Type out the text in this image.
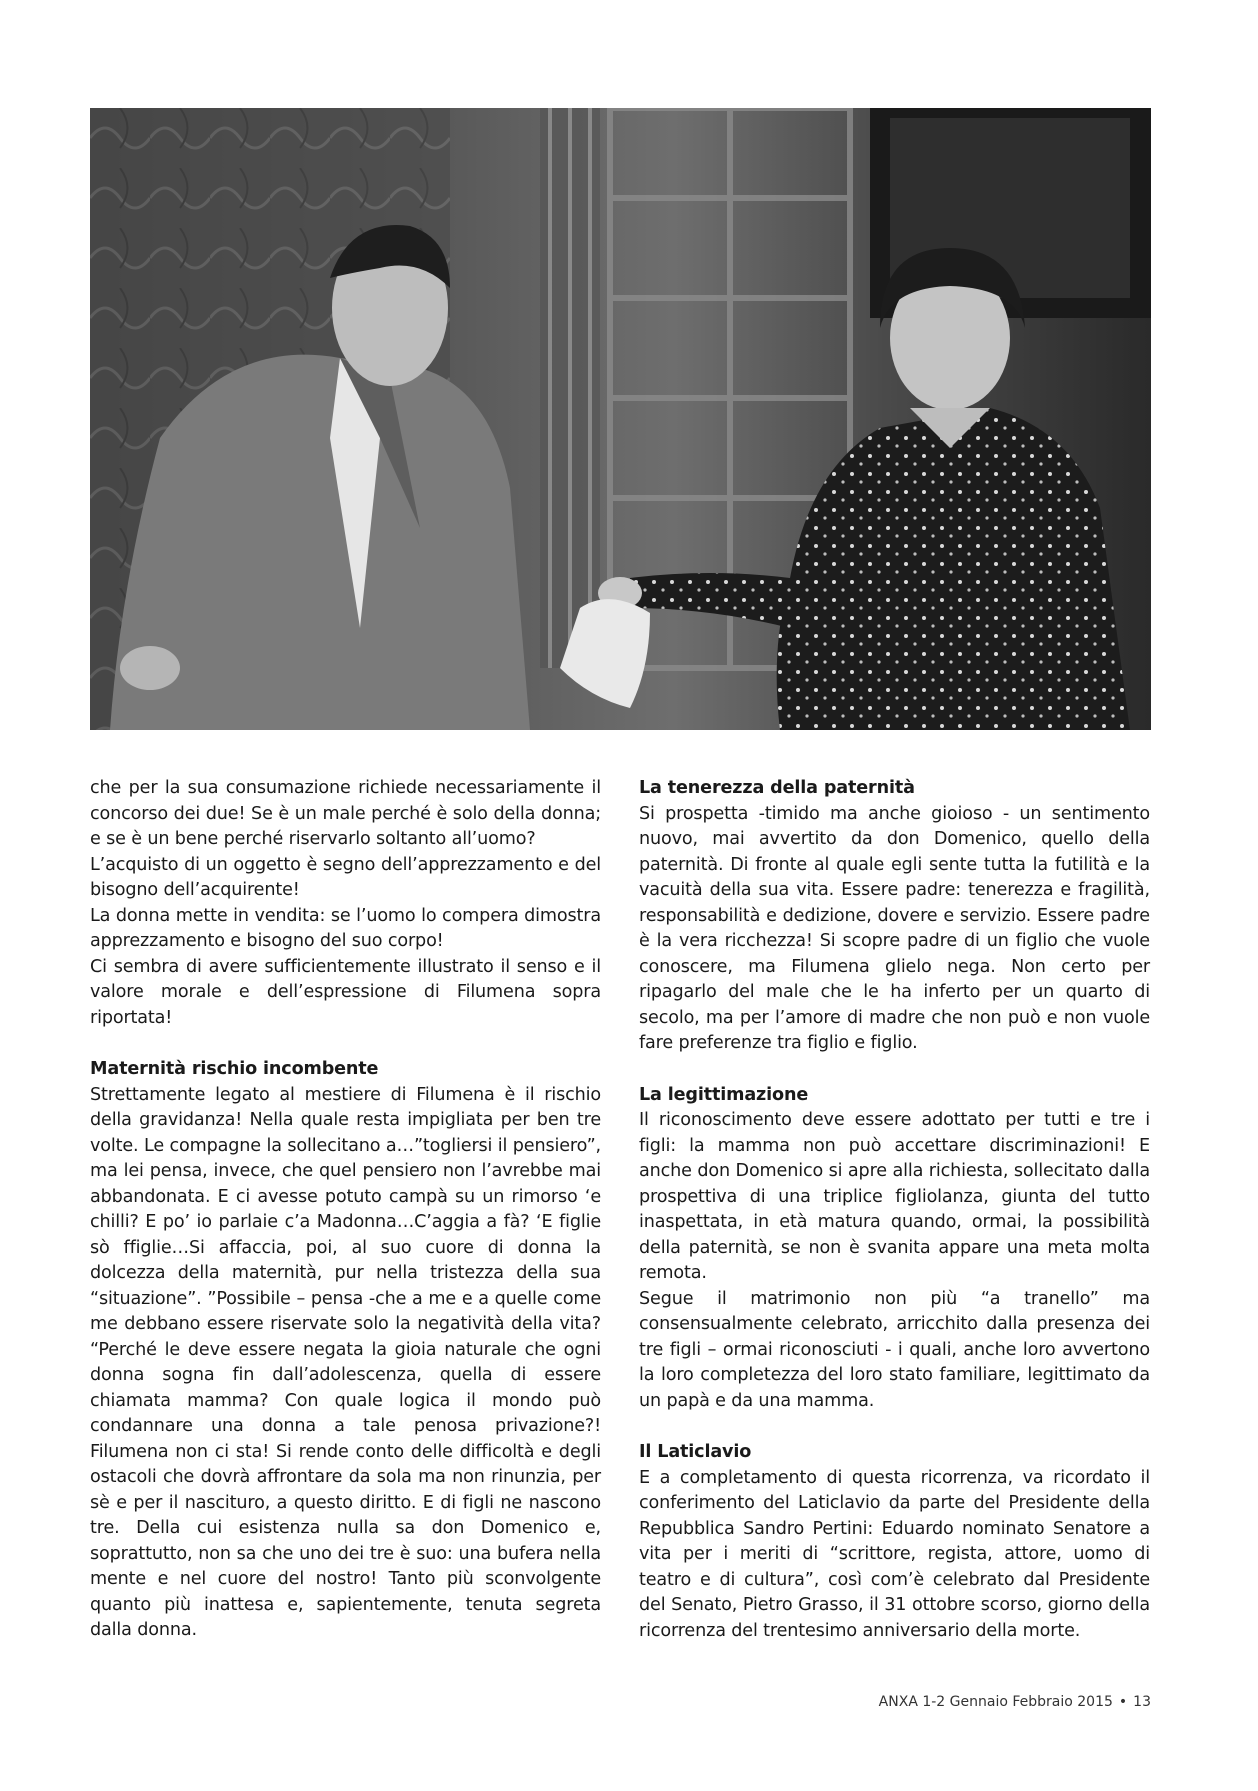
che per la sua consumazione richiede necessariamente il concorso dei due! Se è un male perché è solo della donna; e se è un bene perché riservarlo soltanto all’uomo?

L’acquisto di un oggetto è segno dell’apprezzamento e del bisogno dell’acquirente!

La donna mette in vendita: se l’uomo lo compera dimostra apprezzamento e bisogno del suo corpo!

Ci sembra di avere sufficientemente illustrato il senso e il valore morale e dell’espressione di Filumena sopra riportata!

Maternità rischio incombente

Strettamente legato al mestiere di Filumena è il rischio della gravidanza! Nella quale resta impigliata per ben tre volte. Le compagne la sollecitano a…”togliersi il pensiero”, ma lei pensa, invece, che quel pensiero non l’avrebbe mai abbandonata. E ci avesse potuto campà su un rimorso ‘e chilli? E po’ io parlaie c’a Madonna…C’aggia a fà? ‘E figlie sò ffiglie…Si affaccia, poi, al suo cuore di donna la dolcezza della maternità, pur nella tristezza della sua “situazione”. ”Possibile – pensa -che a me e a quelle come me debbano essere riservate solo la negatività della vita? “Perché le deve essere negata la gioia naturale che ogni donna sogna fin dall’adolescenza, quella di essere chiamata mamma? Con quale logica il mondo può condannare una donna a tale penosa privazione?! Filumena non ci sta! Si rende conto delle difficoltà e degli ostacoli che dovrà affrontare da sola ma non rinunzia, per sè e per il nascituro, a questo diritto. E di figli ne nascono tre. Della cui esistenza nulla sa don Domenico e, soprattutto, non sa che uno dei tre è suo: una bufera nella mente e nel cuore del nostro! Tanto più sconvolgente quanto più inattesa e, sapientemente, tenuta segreta dalla donna.

La tenerezza della paternità

Si prospetta -timido ma anche gioioso - un sentimento nuovo, mai avvertito da don Domenico, quello della paternità. Di fronte al quale egli sente tutta la futilità e la vacuità della sua vita. Essere padre: tenerezza e fragilità, responsabilità e dedizione, dovere e servizio. Essere padre è la vera ricchezza! Si scopre padre di un figlio che vuole conoscere, ma Filumena glielo nega. Non certo per ripagarlo del male che le ha inferto per un quarto di secolo, ma per l’amore di madre che non può e non vuole fare preferenze tra figlio e figlio.

La legittimazione

Il riconoscimento deve essere adottato per tutti e tre i figli: la mamma non può accettare discriminazioni! E anche don Domenico si apre alla richiesta, sollecitato dalla prospettiva di una triplice figliolanza, giunta del tutto inaspettata, in età matura quando, ormai, la possibilità della paternità, se non è svanita appare una meta molta remota.

Segue il matrimonio non più “a tranello” ma consensualmente celebrato, arricchito dalla presenza dei tre figli – ormai riconosciuti - i quali, anche loro avvertono la loro completezza del loro stato familiare, legittimato da un papà e da una mamma.

Il Laticlavio

E a completamento di questa ricorrenza, va ricordato il conferimento del Laticlavio da parte del Presidente della Repubblica Sandro Pertini: Eduardo nominato Senatore a vita per i meriti di “scrittore, regista, attore, uomo di teatro e di cultura”, così com’è celebrato dal Presidente del Senato, Pietro Grasso, il 31 ottobre scorso, giorno della ricorrenza del trentesimo anniversario della morte.

ANXA 1-2 Gennaio Febbraio 2015 • 13
